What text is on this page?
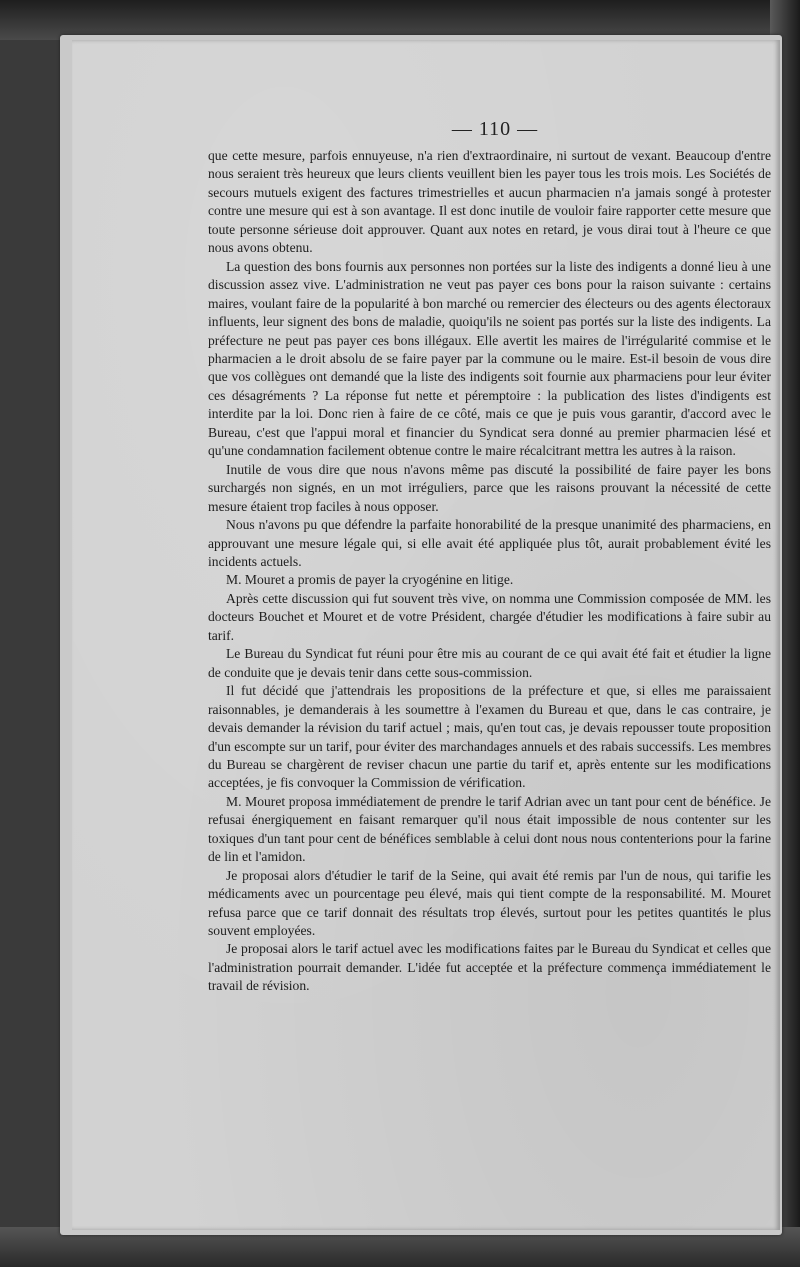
— 110 —

que cette mesure, parfois ennuyeuse, n'a rien d'extraordinaire, ni surtout de vexant. Beaucoup d'entre nous seraient très heureux que leurs clients veuillent bien les payer tous les trois mois. Les Sociétés de secours mutuels exigent des factures trimestrielles et aucun pharmacien n'a jamais songé à protester contre une mesure qui est à son avantage. Il est donc inutile de vouloir faire rapporter cette mesure que toute personne sérieuse doit approuver. Quant aux notes en retard, je vous dirai tout à l'heure ce que nous avons obtenu.

La question des bons fournis aux personnes non portées sur la liste des indigents a donné lieu à une discussion assez vive. L'administration ne veut pas payer ces bons pour la raison suivante : certains maires, voulant faire de la popularité à bon marché ou remercier des électeurs ou des agents électoraux influents, leur signent des bons de maladie, quoiqu'ils ne soient pas portés sur la liste des indigents. La préfecture ne peut pas payer ces bons illégaux. Elle avertit les maires de l'irrégularité commise et le pharmacien a le droit absolu de se faire payer par la commune ou le maire. Est-il besoin de vous dire que vos collègues ont demandé que la liste des indigents soit fournie aux pharmaciens pour leur éviter ces désagréments ? La réponse fut nette et péremptoire : la publication des listes d'indigents est interdite par la loi. Donc rien à faire de ce côté, mais ce que je puis vous garantir, d'accord avec le Bureau, c'est que l'appui moral et financier du Syndicat sera donné au premier pharmacien lésé et qu'une condamnation facilement obtenue contre le maire récalcitrant mettra les autres à la raison.

Inutile de vous dire que nous n'avons même pas discuté la possibilité de faire payer les bons surchargés non signés, en un mot irréguliers, parce que les raisons prouvant la nécessité de cette mesure étaient trop faciles à nous opposer.

Nous n'avons pu que défendre la parfaite honorabilité de la presque unanimité des pharmaciens, en approuvant une mesure légale qui, si elle avait été appliquée plus tôt, aurait probablement évité les incidents actuels.

M. Mouret a promis de payer la cryogénine en litige.

Après cette discussion qui fut souvent très vive, on nomma une Commission composée de MM. les docteurs Bouchet et Mouret et de votre Président, chargée d'étudier les modifications à faire subir au tarif.

Le Bureau du Syndicat fut réuni pour être mis au courant de ce qui avait été fait et étudier la ligne de conduite que je devais tenir dans cette sous-commission.

Il fut décidé que j'attendrais les propositions de la préfecture et que, si elles me paraissaient raisonnables, je demanderais à les soumettre à l'examen du Bureau et que, dans le cas contraire, je devais demander la révision du tarif actuel ; mais, qu'en tout cas, je devais repousser toute proposition d'un escompte sur un tarif, pour éviter des marchandages annuels et des rabais successifs. Les membres du Bureau se chargèrent de reviser chacun une partie du tarif et, après entente sur les modifications acceptées, je fis convoquer la Commission de vérification.

M. Mouret proposa immédiatement de prendre le tarif Adrian avec un tant pour cent de bénéfice. Je refusai énergiquement en faisant remarquer qu'il nous était impossible de nous contenter sur les toxiques d'un tant pour cent de bénéfices semblable à celui dont nous nous contenterions pour la farine de lin et l'amidon.

Je proposai alors d'étudier le tarif de la Seine, qui avait été remis par l'un de nous, qui tarifie les médicaments avec un pourcentage peu élevé, mais qui tient compte de la responsabilité. M. Mouret refusa parce que ce tarif donnait des résultats trop élevés, surtout pour les petites quantités le plus souvent employées.

Je proposai alors le tarif actuel avec les modifications faites par le Bureau du Syndicat et celles que l'administration pourrait demander. L'idée fut acceptée et la préfecture commença immédiatement le travail de révision.
